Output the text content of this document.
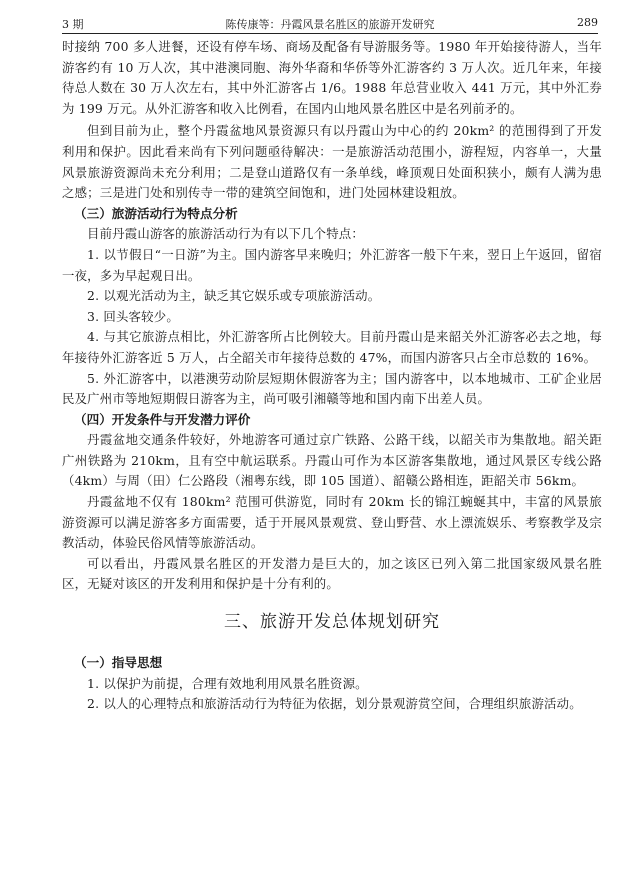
3 期	陈传康等：丹霞风景名胜区的旅游开发研究	289

时接纳 700 多人进餐，还设有停车场、商场及配备有导游服务等。1980 年开始接待游人，当年游客约有 10 万人次，其中港澳同胞、海外华裔和华侨等外汇游客约 3 万人次。近几年来，年接待总人数在 30 万人次左右，其中外汇游客占 1/6。1988 年总营业收入 441 万元，其中外汇券为 199 万元。从外汇游客和收入比例看，在国内山地风景名胜区中是名列前矛的。

但到目前为止，整个丹霞盆地风景资源只有以丹霞山为中心的约 20km² 的范围得到了开发利用和保护。因此看来尚有下列问题亟待解决：一是旅游活动范围小，游程短，内容单一，大量风景旅游资源尚未充分利用；二是登山道路仅有一条单线，峰顶观日处面积狭小，颇有人满为患之感；三是进门处和别传寺一带的建筑空间饱和，进门处园林建设粗放。

（三）旅游活动行为特点分析

目前丹霞山游客的旅游活动行为有以下几个特点：

1. 以节假日“一日游”为主。国内游客早来晚归；外汇游客一般下午来，翌日上午返回，留宿一夜，多为早起观日出。

2. 以观光活动为主，缺乏其它娱乐或专项旅游活动。

3. 回头客较少。

4. 与其它旅游点相比，外汇游客所占比例较大。目前丹霞山是来韶关外汇游客必去之地，每年接待外汇游客近 5 万人，占全韶关市年接待总数的 47%，而国内游客只占全市总数的 16%。

5. 外汇游客中，以港澳劳动阶层短期休假游客为主；国内游客中，以本地城市、工矿企业居民及广州市等地短期假日游客为主，尚可吸引湘赣等地和国内南下出差人员。

（四）开发条件与开发潜力评价

丹霞盆地交通条件较好，外地游客可通过京广铁路、公路干线，以韶关市为集散地。韶关距广州铁路为 210km，且有空中航运联系。丹霞山可作为本区游客集散地，通过风景区专线公路（4km）与周（田）仁公路段（湘粤东线，即 105 国道）、韶赣公路相连，距韶关市 56km。

丹霞盆地不仅有 180km² 范围可供游览，同时有 20km 长的锦江蜿蜒其中，丰富的风景旅游资源可以满足游客多方面需要，适于开展风景观赏、登山野营、水上漂流娱乐、考察教学及宗教活动，体验民俗风情等旅游活动。

可以看出，丹霞风景名胜区的开发潜力是巨大的，加之该区已列入第二批国家级风景名胜区，无疑对该区的开发利用和保护是十分有利的。

三、旅游开发总体规划研究
（一）指导思想

1. 以保护为前提，合理有效地利用风景名胜资源。

2. 以人的心理特点和旅游活动行为特征为依据，划分景观游赏空间，合理组织旅游活动。
